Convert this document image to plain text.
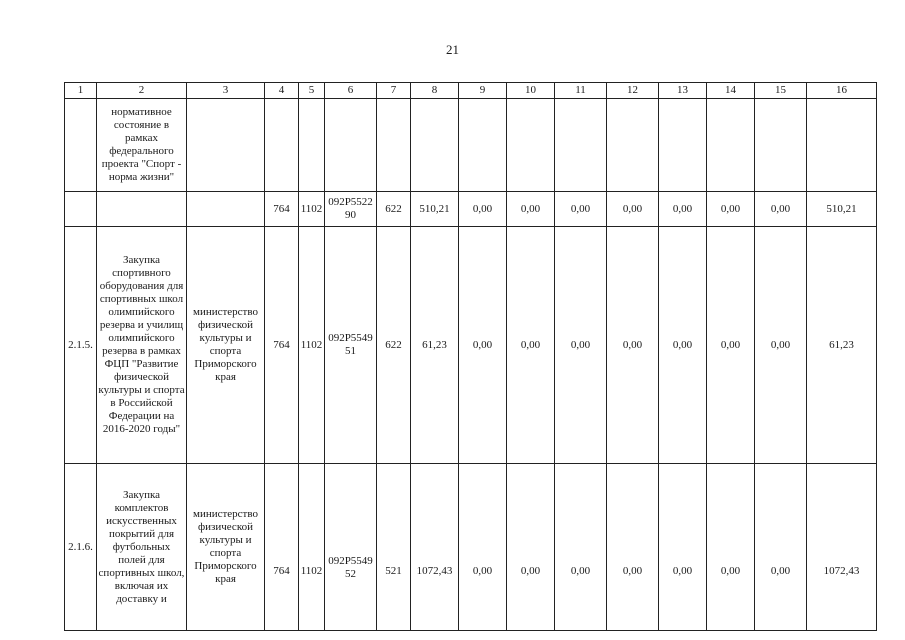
21
1	2	3	4	5	6	7	8	9	10	11	12	13	14	15	16
	нормативное состояние в рамках федерального проекта "Спорт - норма жизни"														
			764	1102	092P5522 90	622	510,21	0,00	0,00	0,00	0,00	0,00	0,00	0,00	510,21
2.1.5.	Закупка спортивного оборудования для спортивных школ олимпийского резерва и училищ олимпийского резерва в рамках ФЦП "Развитие физической культуры и спорта в Российской Федерации на 2016-2020 годы"	министерство физической культуры и спорта Приморского края	764	1102	092P5549 51	622	61,23	0,00	0,00	0,00	0,00	0,00	0,00	0,00	61,23
2.1.6.	Закупка комплектов искусственных покрытий для футбольных полей для спортивных школ, включая их доставку и	министерство физической культуры и спорта Приморского края	764	1102	092P5549 52	521	1072,43	0,00	0,00	0,00	0,00	0,00	0,00	0,00	1072,43
